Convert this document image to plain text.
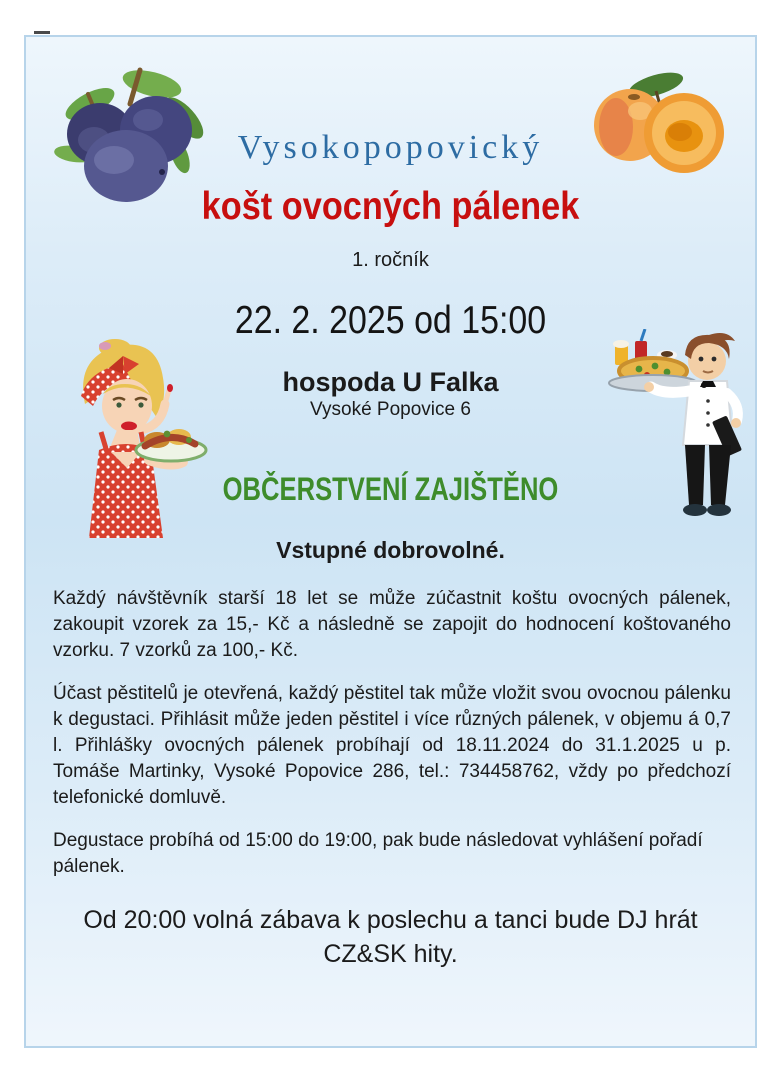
Vysokopopovický
košt ovocných pálenek
1. ročník
22. 2. 2025 od 15:00
hospoda U Falka
Vysoké Popovice 6
OBČERSTVENÍ ZAJIŠTĚNO
Vstupné dobrovolné.

Každý návštěvník starší 18 let se může zúčastnit koštu ovocných pálenek, zakoupit vzorek za 15,- Kč a následně se zapojit do hodnocení koštovaného vzorku. 7 vzorků za 100,- Kč.

Účast pěstitelů je otevřená, každý pěstitel tak může vložit svou ovocnou pálenku k degustaci. Přihlásit může jeden pěstitel i více různých pálenek, v objemu á 0,7 l. Přihlášky ovocných pálenek probíhají od 18.11.2024 do 31.1.2025 u p. Tomáše Martinky, Vysoké Popovice 286, tel.: 734458762, vždy po předchozí telefonické domluvě.

Degustace probíhá od 15:00 do 19:00, pak bude následovat vyhlášení pořadí pálenek.

Od 20:00 volná zábava k poslechu a tanci bude DJ hrát CZ&SK hity.
